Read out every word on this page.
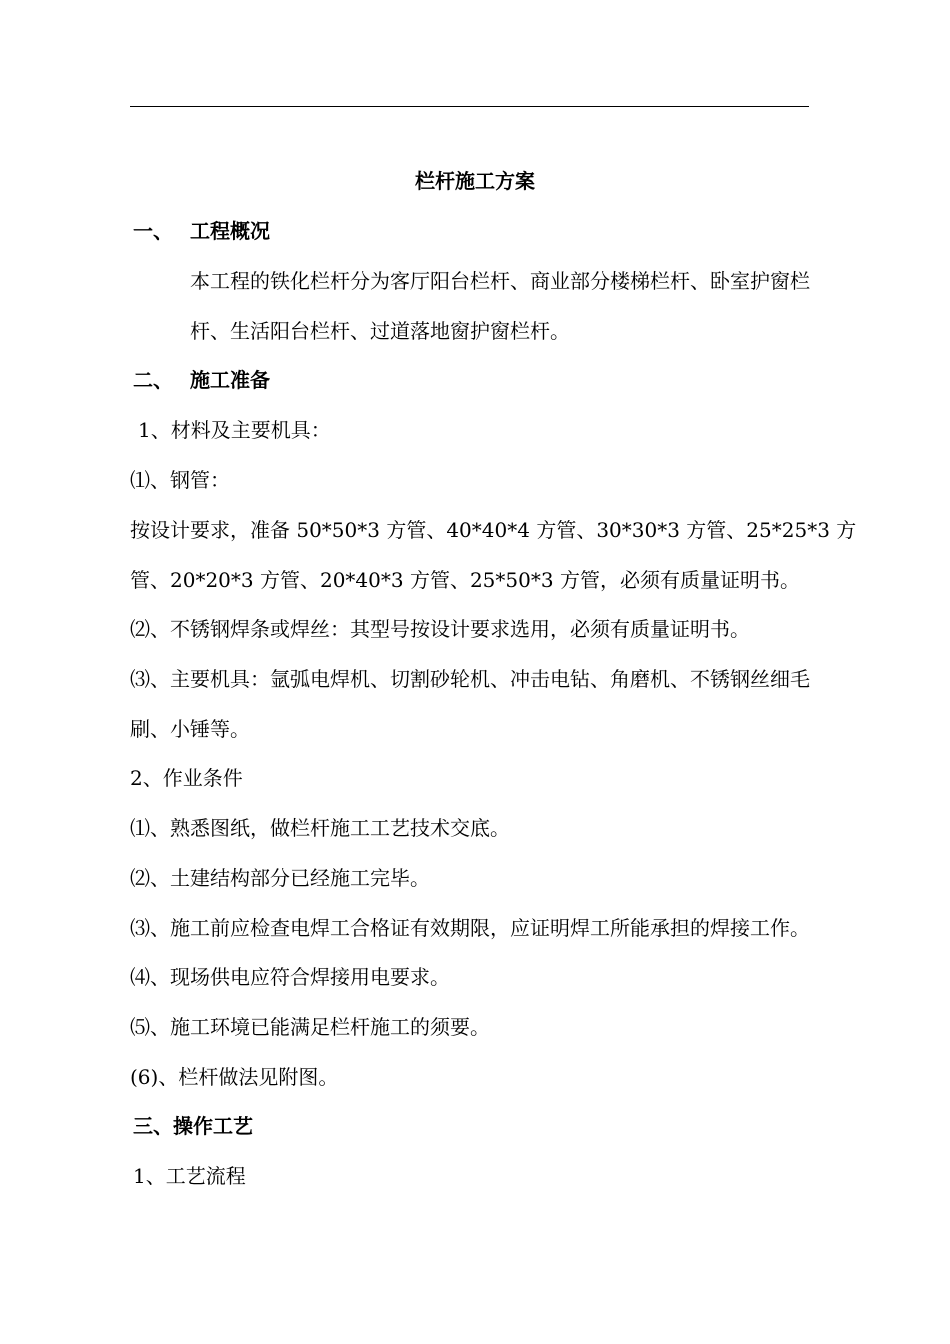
栏杆施工方案
一、 工程概况
本工程的铁化栏杆分为客厅阳台栏杆、商业部分楼梯栏杆、卧室护窗栏
杆、生活阳台栏杆、过道落地窗护窗栏杆。
二、 施工准备
1、材料及主要机具：
⑴、钢管：
按设计要求，准备 50*50*3 方管、40*40*4 方管、30*30*3 方管、25*25*3 方
管、20*20*3 方管、20*40*3 方管、25*50*3 方管，必须有质量证明书。
⑵、不锈钢焊条或焊丝：其型号按设计要求选用，必须有质量证明书。
⑶、主要机具：氩弧电焊机、切割砂轮机、冲击电钻、角磨机、不锈钢丝细毛
刷、小锤等。
2、作业条件
⑴、熟悉图纸，做栏杆施工工艺技术交底。
⑵、土建结构部分已经施工完毕。
⑶、施工前应检查电焊工合格证有效期限，应证明焊工所能承担的焊接工作。
⑷、现场供电应符合焊接用电要求。
⑸、施工环境已能满足栏杆施工的须要。
(6)、栏杆做法见附图。
三、操作工艺
1、工艺流程
